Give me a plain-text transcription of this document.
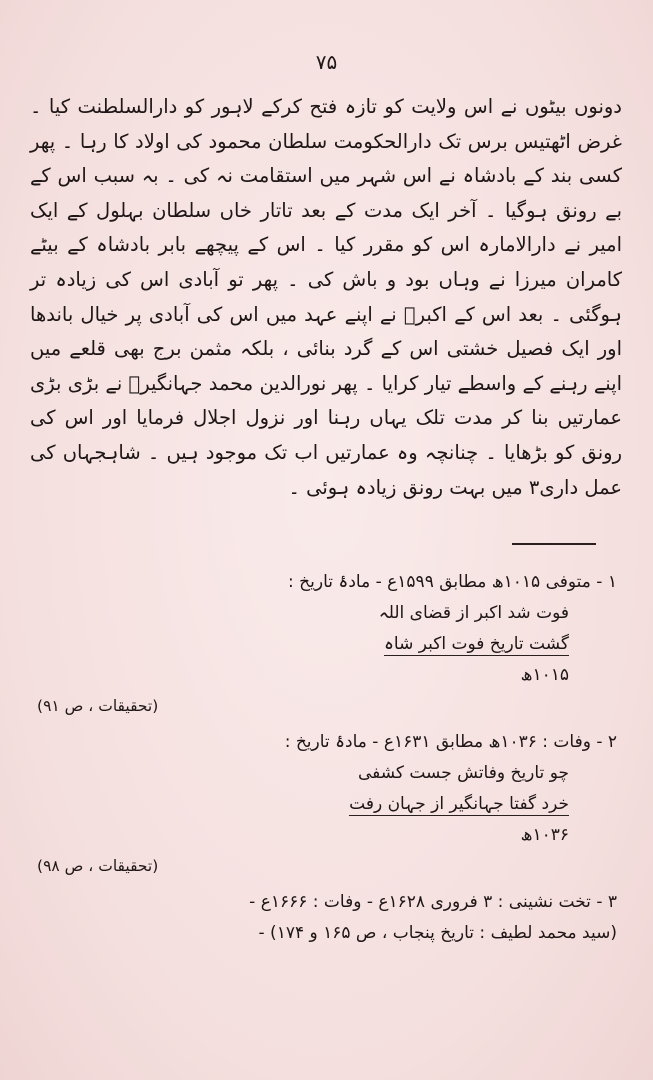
۷۵
دونوں بیٹوں نے اس ولایت کو تازہ فتح کرکے لاہور کو دارالسلطنت کیا ۔ غرض اٹھتیس برس تک دارالحکومت سلطان محمود کی اولاد کا رہا ۔ پھر کسی بند کے بادشاہ نے اس شہر میں استقامت نہ کی ۔ بہ سبب اس کے بے رونق ہوگیا ۔ آخر ایک مدت کے بعد تاتار خاں سلطان بہلول کے ایک امیر نے دارالامارہ اس کو مقرر کیا ۔ اس کے پیچھے بابر بادشاہ کے بیٹے کامران میرزا نے وہاں بود و باش کی ۔ پھر تو آبادی اس کی زیادہ تر ہوگئی ۔ بعد اس کے اکبرؒ نے اپنے عہد میں اس کی آبادی پر خیال باندھا اور ایک فصیل خشتی اس کے گرد بنائی ، بلکہ مثمن برج بھی قلعے میں اپنے رہنے کے واسطے تیار کرایا ۔ پھر نورالدین محمد جہانگیرؒ نے بڑی بڑی عمارتیں بنا کر مدت تلک یہاں رہنا اور نزول اجلال فرمایا اور اس کی رونق کو بڑھایا ۔ چنانچہ وہ عمارتیں اب تک موجود ہیں ۔ شاہجہاں کی عمل داری۳ میں بہت رونق زیادہ ہوئی ۔
۱ - متوفی ۱۰۱۵ھ مطابق ۱۵۹۹ع - مادۂ تاریخ :
فوت شد اکبر از قضای اللہ
گشت تاریخ فوت اکبر شاہ
۱۰۱۵ھ
(تحقیقات ، ص ۹۱)
۲ - وفات : ۱۰۳۶ھ مطابق ۱۶۳۱ع - مادۂ تاریخ :
چو تاریخ وفاتش جست کشفی
خرد گفتا جہانگیر از جہان رفت
۱۰۳۶ھ
(تحقیقات ، ص ۹۸)
۳ - تخت نشینی : ۳ فروری ۱۶۲۸ع - وفات : ۱۶۶۶ع -
(سید محمد لطیف : تاریخ پنجاب ، ص ۱۶۵ و ۱۷۴) -
